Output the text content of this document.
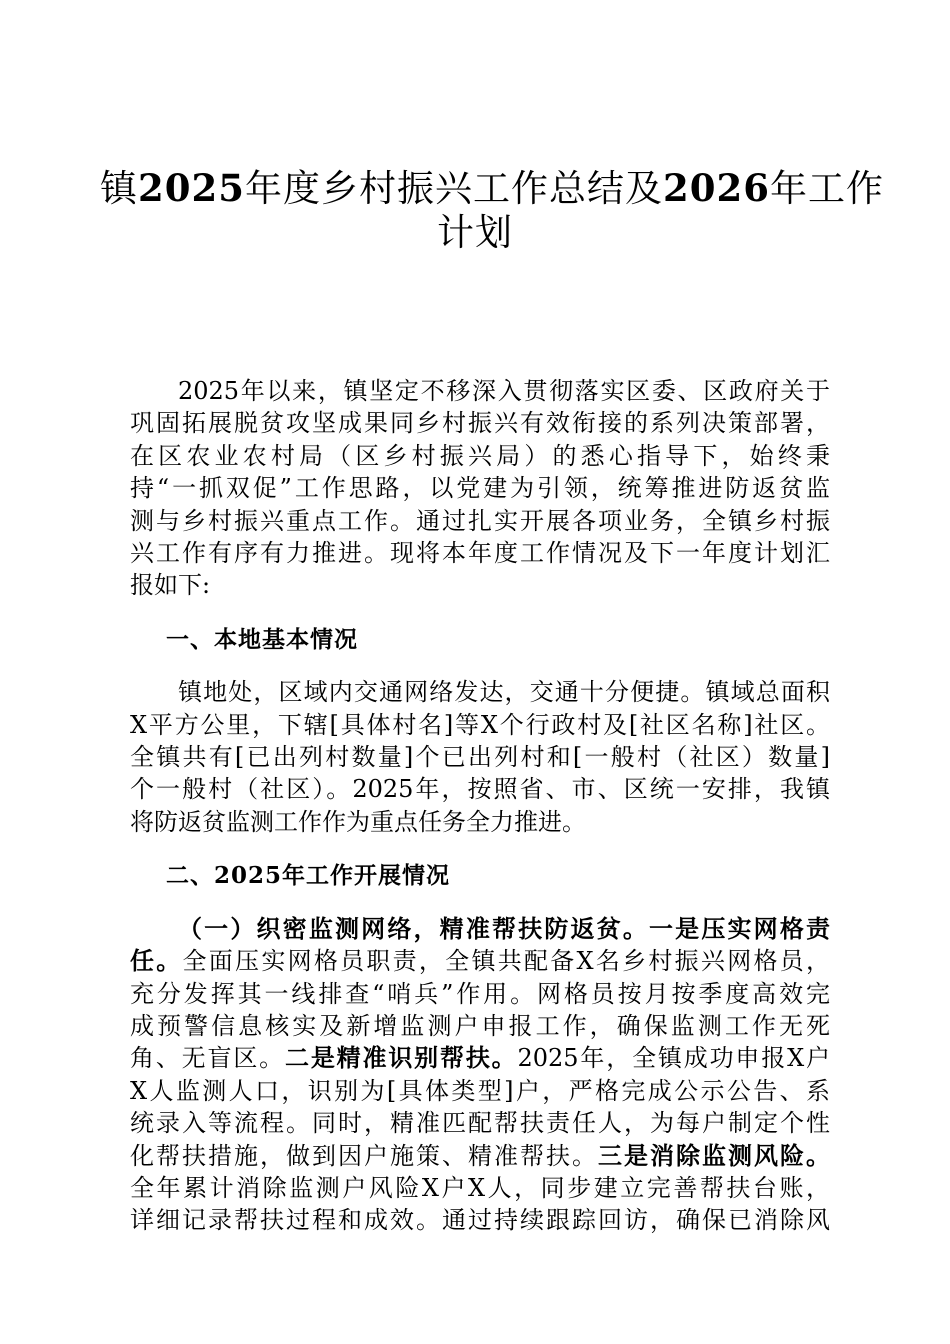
镇2025年度乡村振兴工作总结及2026年工作
计划
2025年以来，镇坚定不移深入贯彻落实区委、区政府关于
巩固拓展脱贫攻坚成果同乡村振兴有效衔接的系列决策部署，
在区农业农村局（区乡村振兴局）的悉心指导下，始终秉
持“一抓双促”工作思路，以党建为引领，统筹推进防返贫监
测与乡村振兴重点工作。通过扎实开展各项业务，全镇乡村振
兴工作有序有力推进。现将本年度工作情况及下一年度计划汇
报如下:
一、本地基本情况
镇地处，区域内交通网络发达，交通十分便捷。镇域总面积
X平方公里，下辖[具体村名]等X个行政村及[社区名称]社区。
全镇共有[已出列村数量]个已出列村和[一般村（社区）数量]
个一般村（社区）。2025年，按照省、市、区统一安排，我镇
将防返贫监测工作作为重点任务全力推进。
二、2025年工作开展情况
（一）织密监测网络，精准帮扶防返贫。一是压实网格责
任。全面压实网格员职责，全镇共配备X名乡村振兴网格员，
充分发挥其一线排查“哨兵”作用。网格员按月按季度高效完
成预警信息核实及新增监测户申报工作，确保监测工作无死
角、无盲区。二是精准识别帮扶。2025年，全镇成功申报X户
X人监测人口，识别为[具体类型]户，严格完成公示公告、系
统录入等流程。同时，精准匹配帮扶责任人，为每户制定个性
化帮扶措施，做到因户施策、精准帮扶。三是消除监测风险。
全年累计消除监测户风险X户X人，同步建立完善帮扶台账，
详细记录帮扶过程和成效。通过持续跟踪回访，确保已消除风
